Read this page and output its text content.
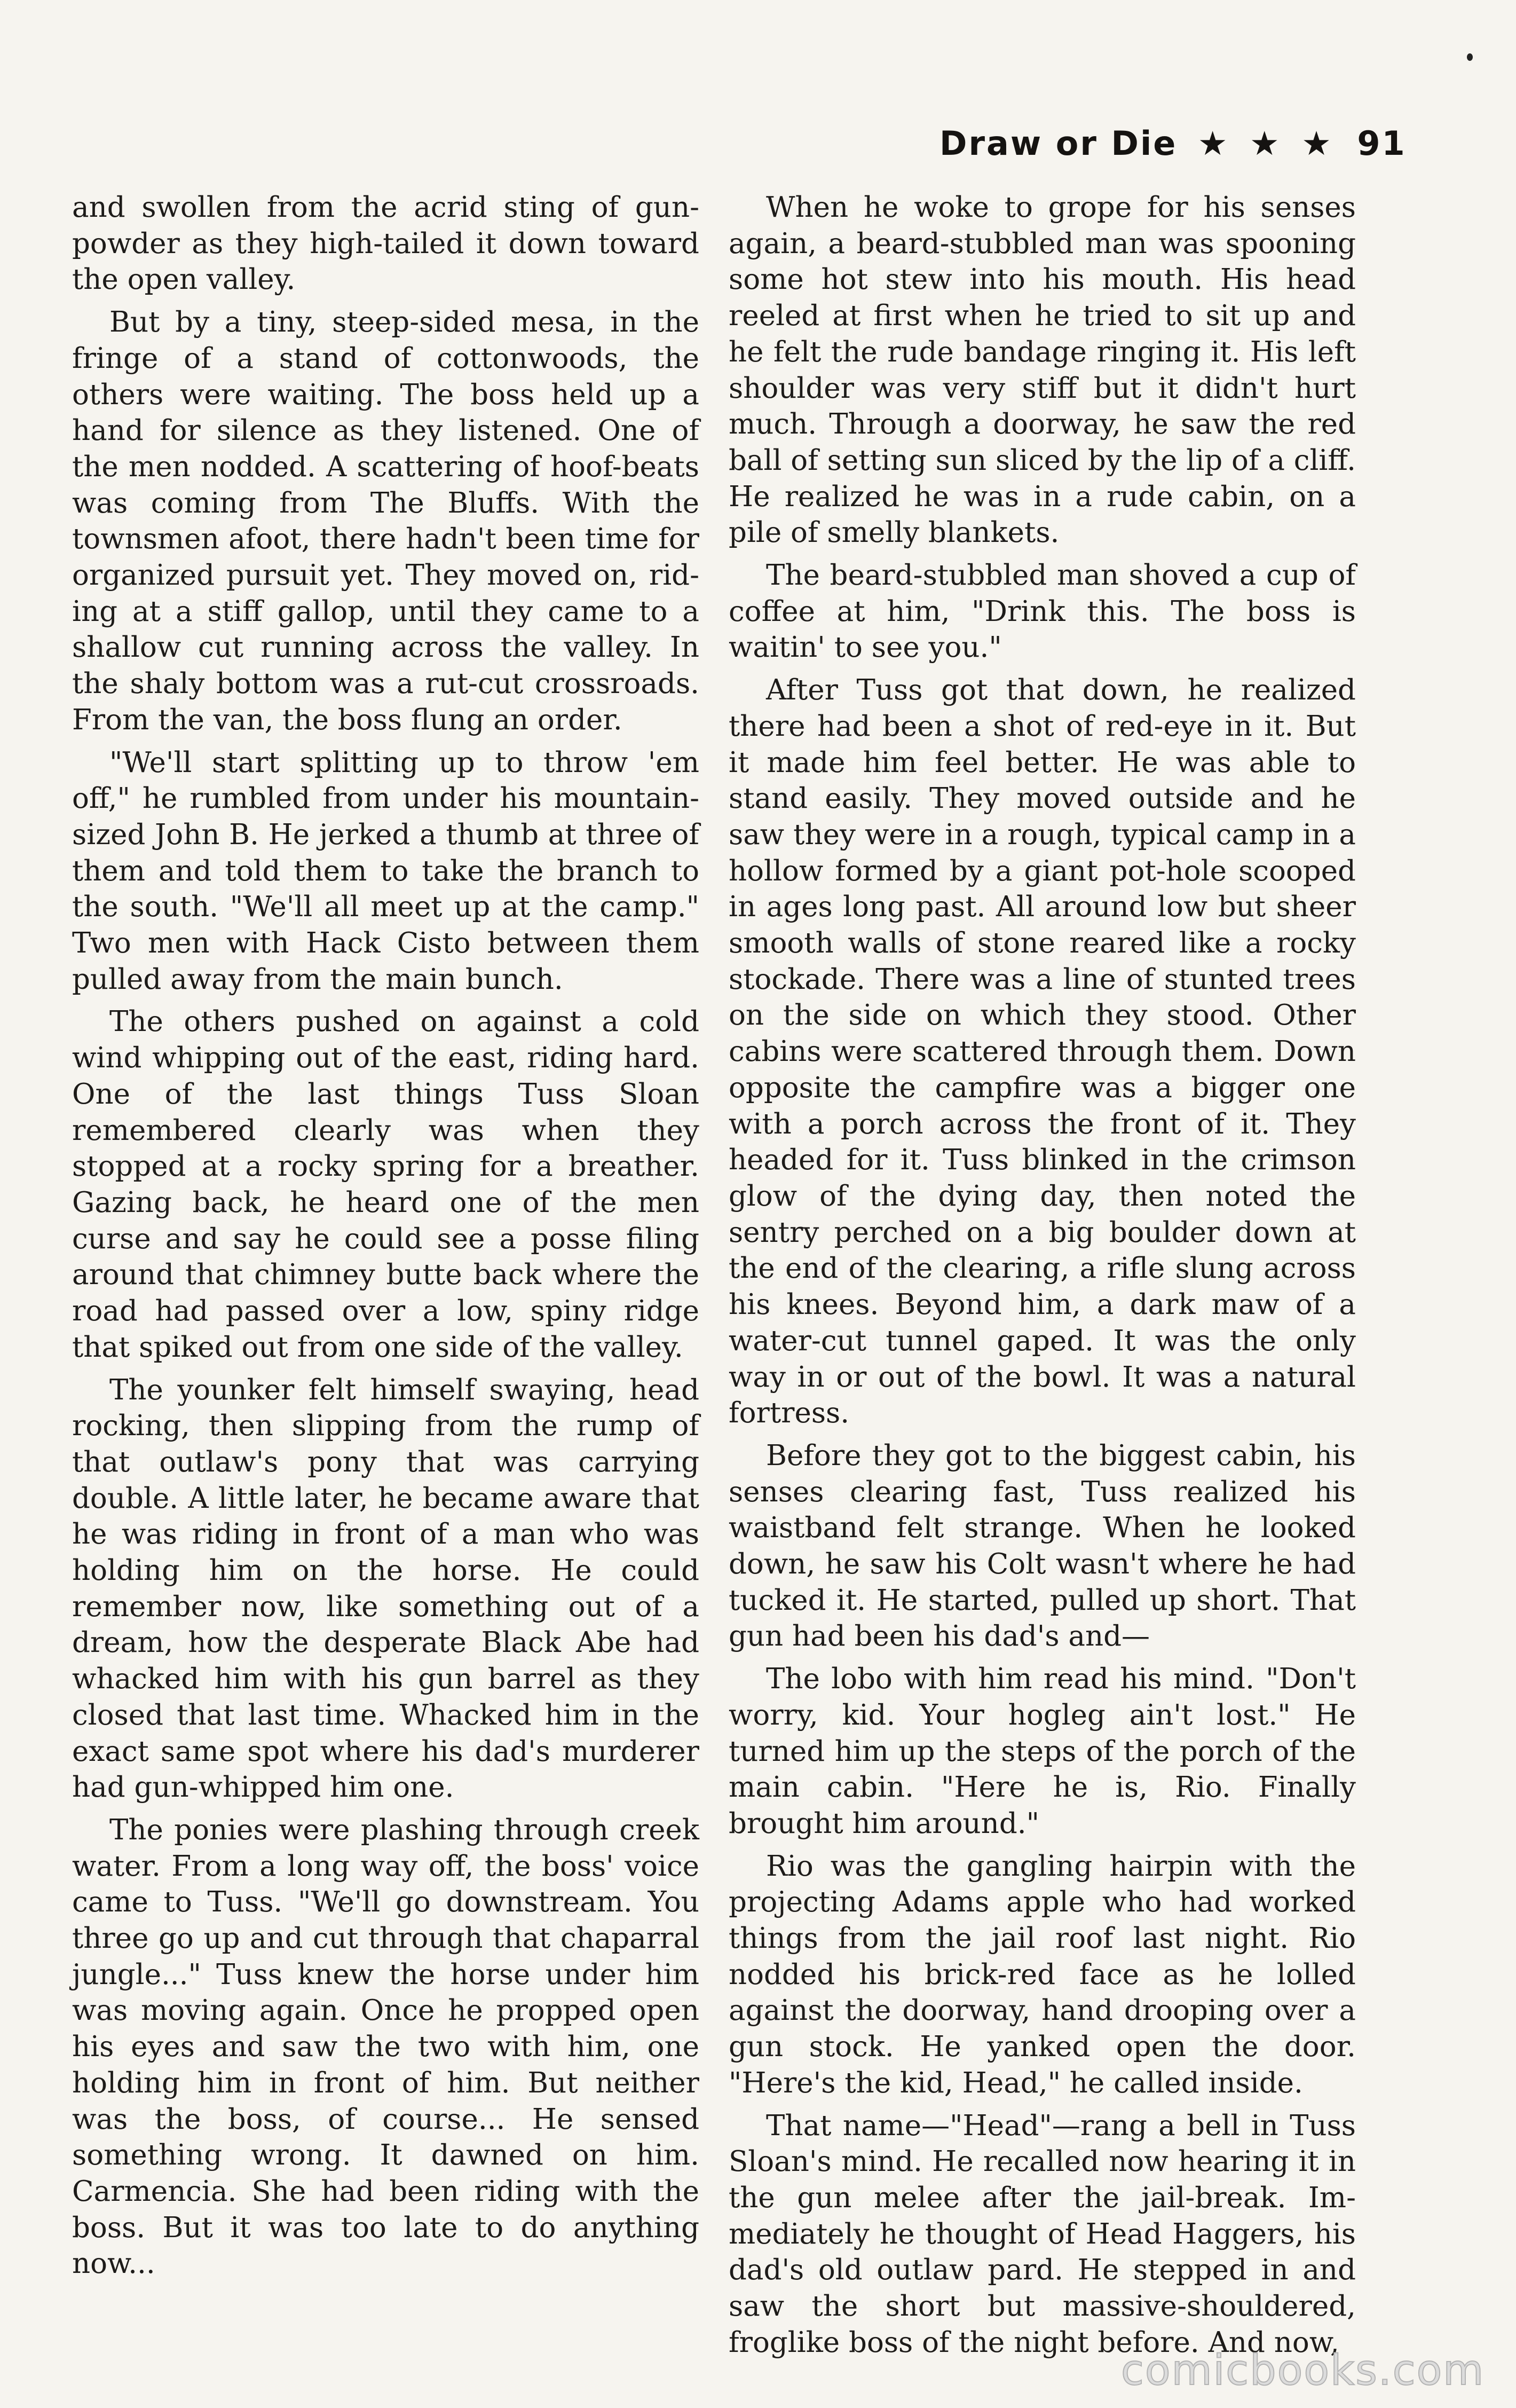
Draw or Die ★ ★ ★ 91

and swollen from the acrid sting of gunpowder as they high-tailed it down toward the open valley.

But by a tiny, steep-sided mesa, in the fringe of a stand of cottonwoods, the others were waiting. The boss held up a hand for silence as they listened. One of the men nodded. A scattering of hoof-beats was coming from The Bluffs. With the townsmen afoot, there hadn't been time for organized pursuit yet. They moved on, riding at a stiff gallop, until they came to a shallow cut running across the valley. In the shaly bottom was a rut-cut crossroads. From the van, the boss flung an order.

"We'll start splitting up to throw 'em off," he rumbled from under his mountain-sized John B. He jerked a thumb at three of them and told them to take the branch to the south. "We'll all meet up at the camp." Two men with Hack Cisto between them pulled away from the main bunch.

The others pushed on against a cold wind whipping out of the east, riding hard. One of the last things Tuss Sloan remembered clearly was when they stopped at a rocky spring for a breather. Gazing back, he heard one of the men curse and say he could see a posse filing around that chimney butte back where the road had passed over a low, spiny ridge that spiked out from one side of the valley.

The younker felt himself swaying, head rocking, then slipping from the rump of that outlaw's pony that was carrying double. A little later, he became aware that he was riding in front of a man who was holding him on the horse. He could remember now, like something out of a dream, how the desperate Black Abe had whacked him with his gun barrel as they closed that last time. Whacked him in the exact same spot where his dad's murderer had gun-whipped him one.

The ponies were plashing through creek water. From a long way off, the boss' voice came to Tuss. "We'll go downstream. You three go up and cut through that chaparral jungle..." Tuss knew the horse under him was moving again. Once he propped open his eyes and saw the two with him, one holding him in front of him. But neither was the boss, of course... He sensed something wrong. It dawned on him. Carmencia. She had been riding with the boss. But it was too late to do anything now...

When he woke to grope for his senses again, a beard-stubbled man was spooning some hot stew into his mouth. His head reeled at first when he tried to sit up and he felt the rude bandage ringing it. His left shoulder was very stiff but it didn't hurt much. Through a doorway, he saw the red ball of setting sun sliced by the lip of a cliff. He realized he was in a rude cabin, on a pile of smelly blankets.

The beard-stubbled man shoved a cup of coffee at him, "Drink this. The boss is waitin' to see you."

After Tuss got that down, he realized there had been a shot of red-eye in it. But it made him feel better. He was able to stand easily. They moved outside and he saw they were in a rough, typical camp in a hollow formed by a giant pot-hole scooped in ages long past. All around low but sheer smooth walls of stone reared like a rocky stockade. There was a line of stunted trees on the side on which they stood. Other cabins were scattered through them. Down opposite the campfire was a bigger one with a porch across the front of it. They headed for it. Tuss blinked in the crimson glow of the dying day, then noted the sentry perched on a big boulder down at the end of the clearing, a rifle slung across his knees. Beyond him, a dark maw of a water-cut tunnel gaped. It was the only way in or out of the bowl. It was a natural fortress.

Before they got to the biggest cabin, his senses clearing fast, Tuss realized his waistband felt strange. When he looked down, he saw his Colt wasn't where he had tucked it. He started, pulled up short. That gun had been his dad's and—

The lobo with him read his mind. "Don't worry, kid. Your hogleg ain't lost." He turned him up the steps of the porch of the main cabin. "Here he is, Rio. Finally brought him around."

Rio was the gangling hairpin with the projecting Adams apple who had worked things from the jail roof last night. Rio nodded his brick-red face as he lolled against the doorway, hand drooping over a gun stock. He yanked open the door. "Here's the kid, Head," he called inside.

That name—"Head"—rang a bell in Tuss Sloan's mind. He recalled now hearing it in the gun melee after the jail-break. Immediately he thought of Head Haggers, his dad's old outlaw pard. He stepped in and saw the short but massive-shouldered, froglike boss of the night before. And now,

comicbooks.com
